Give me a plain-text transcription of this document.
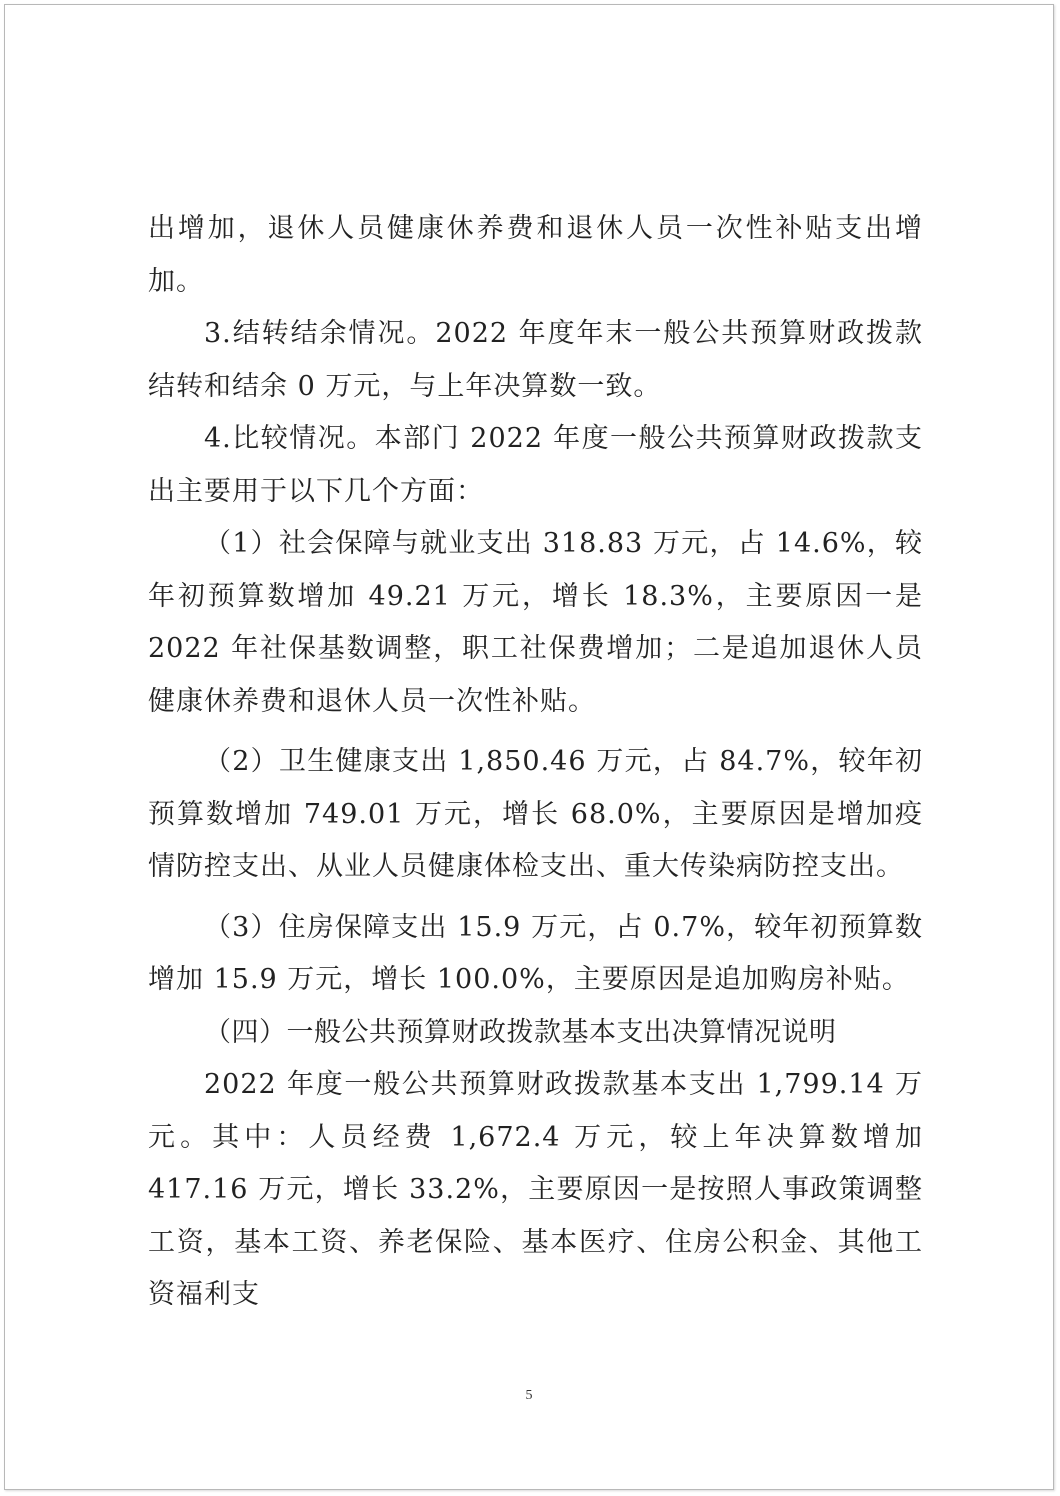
出增加，退休人员健康休养费和退休人员一次性补贴支出增加。

3.结转结余情况。2022 年度年末一般公共预算财政拨款结转和结余 0 万元，与上年决算数一致。

4.比较情况。本部门 2022 年度一般公共预算财政拨款支出主要用于以下几个方面：

（1）社会保障与就业支出 318.83 万元，占 14.6%，较年初预算数增加 49.21 万元，增长 18.3%，主要原因一是 2022 年社保基数调整，职工社保费增加；二是追加退休人员健康休养费和退休人员一次性补贴。

（2）卫生健康支出 1,850.46 万元，占 84.7%，较年初预算数增加 749.01 万元，增长 68.0%，主要原因是增加疫情防控支出、从业人员健康体检支出、重大传染病防控支出。

（3）住房保障支出 15.9 万元，占 0.7%，较年初预算数增加 15.9 万元，增长 100.0%，主要原因是追加购房补贴。

（四）一般公共预算财政拨款基本支出决算情况说明

2022 年度一般公共预算财政拨款基本支出 1,799.14 万元。其中：人员经费 1,672.4 万元，较上年决算数增加 417.16 万元，增长 33.2%，主要原因一是按照人事政策调整工资，基本工资、养老保险、基本医疗、住房公积金、其他工资福利支

5
